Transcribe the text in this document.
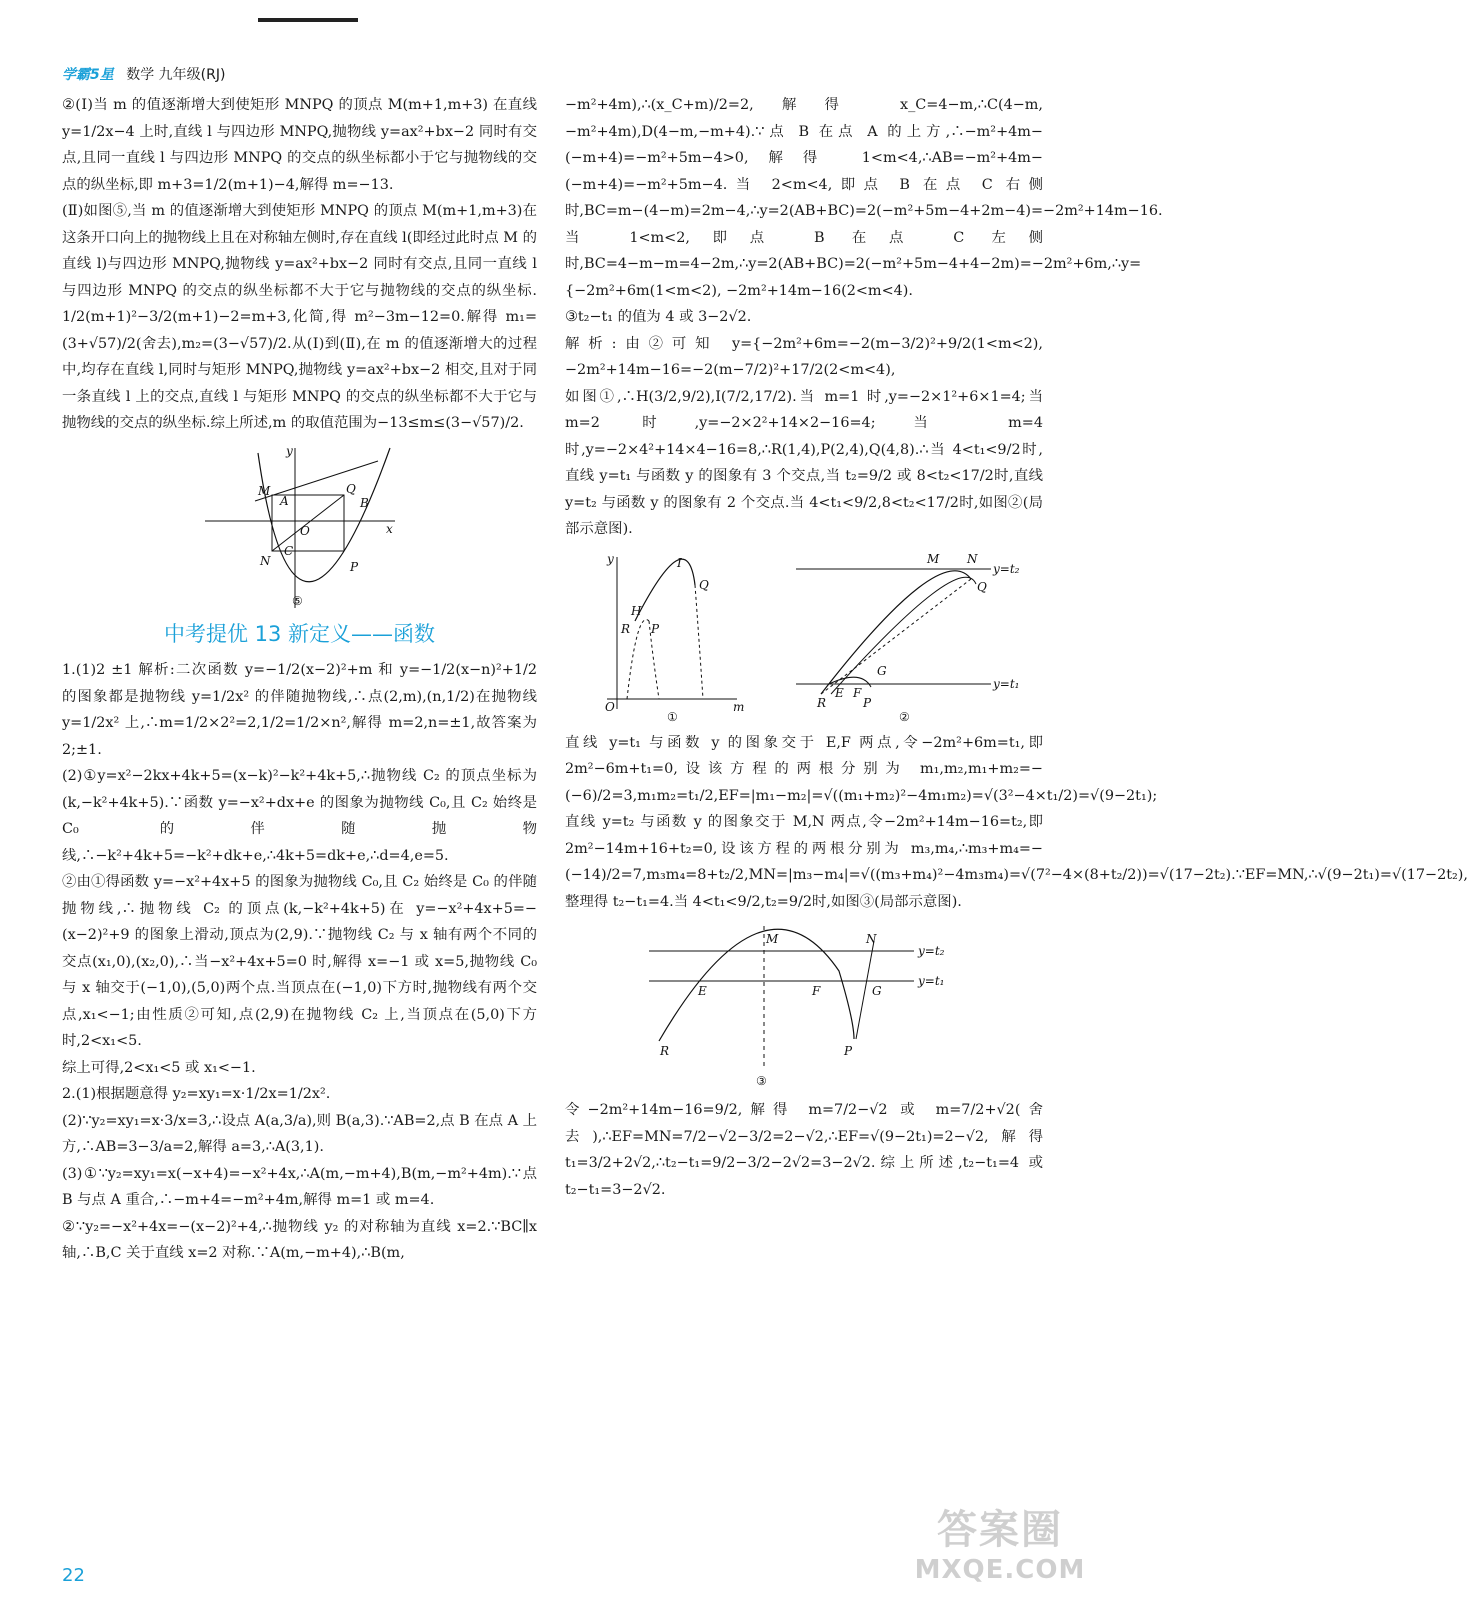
学霸5星 数学 九年级(RJ)

②(Ⅰ)当 m 的值逐渐增大到使矩形 MNPQ 的顶点 M(m+1,m+3) 在直线 y=1/2x−4 上时,直线 l 与四边形 MNPQ,抛物线 y=ax²+bx−2 同时有交点,且同一直线 l 与四边形 MNPQ 的交点的纵坐标都小于它与抛物线的交点的纵坐标,即 m+3=1/2(m+1)−4,解得 m=−13.

(Ⅱ)如图⑤,当 m 的值逐渐增大到使矩形 MNPQ 的顶点 M(m+1,m+3)在这条开口向上的抛物线上且在对称轴左侧时,存在直线 l(即经过此时点 M 的直线 l)与四边形 MNPQ,抛物线 y=ax²+bx−2 同时有交点,且同一直线 l 与四边形 MNPQ 的交点的纵坐标都不大于它与抛物线的交点的纵坐标. 1/2(m+1)²−3/2(m+1)−2=m+3,化简,得 m²−3m−12=0.解得 m₁=(3+√57)/2(舍去),m₂=(3−√57)/2.从(Ⅰ)到(Ⅱ),在 m 的值逐渐增大的过程中,均存在直线 l,同时与矩形 MNPQ,抛物线 y=ax²+bx−2 相交,且对于同一条直线 l 上的交点,直线 l 与矩形 MNPQ 的交点的纵坐标都不大于它与抛物线的交点的纵坐标.综上所述,m 的取值范围为−13≤m≤(3−√57)/2.

y
x
M
A
O
Q
B
N
C
P
⑤
中考提优 13 新定义——函数

1.(1)2 ±1 解析:二次函数 y=−1/2(x−2)²+m 和 y=−1/2(x−n)²+1/2 的图象都是抛物线 y=1/2x² 的伴随抛物线,∴点(2,m),(n,1/2)在抛物线 y=1/2x² 上,∴m=1/2×2²=2,1/2=1/2×n²,解得 m=2,n=±1,故答案为 2;±1.

(2)①y=x²−2kx+4k+5=(x−k)²−k²+4k+5,∴抛物线 C₂ 的顶点坐标为(k,−k²+4k+5).∵函数 y=−x²+dx+e 的图象为抛物线 C₀,且 C₂ 始终是 C₀ 的伴随抛物线,∴−k²+4k+5=−k²+dk+e,∴4k+5=dk+e,∴d=4,e=5.

②由①得函数 y=−x²+4x+5 的图象为抛物线 C₀,且 C₂ 始终是 C₀ 的伴随抛物线,∴抛物线 C₂ 的顶点(k,−k²+4k+5)在 y=−x²+4x+5=−(x−2)²+9 的图象上滑动,顶点为(2,9).∵抛物线 C₂ 与 x 轴有两个不同的交点(x₁,0),(x₂,0),∴当−x²+4x+5=0 时,解得 x=−1 或 x=5,抛物线 C₀ 与 x 轴交于(−1,0),(5,0)两个点.当顶点在(−1,0)下方时,抛物线有两个交点,x₁<−1;由性质②可知,点(2,9)在抛物线 C₂ 上,当顶点在(5,0)下方时,2<x₁<5.

综上可得,2<x₁<5 或 x₁<−1.

2.(1)根据题意得 y₂=xy₁=x·1/2x=1/2x².

(2)∵y₂=xy₁=x·3/x=3,∴设点 A(a,3/a),则 B(a,3).∵AB=2,点 B 在点 A 上方,∴AB=3−3/a=2,解得 a=3,∴A(3,1).

(3)①∵y₂=xy₁=x(−x+4)=−x²+4x,∴A(m,−m+4),B(m,−m²+4m).∵点 B 与点 A 重合,∴−m+4=−m²+4m,解得 m=1 或 m=4.

②∵y₂=−x²+4x=−(x−2)²+4,∴抛物线 y₂ 的对称轴为直线 x=2.∵BC∥x 轴,∴B,C 关于直线 x=2 对称.∵A(m,−m+4),∴B(m,

−m²+4m),∴(x_C+m)/2=2,解得 x_C=4−m,∴C(4−m,−m²+4m),D(4−m,−m+4).∵点 B 在点 A 的上方,∴−m²+4m−(−m+4)=−m²+5m−4>0,解得 1<m<4,∴AB=−m²+4m−(−m+4)=−m²+5m−4.当 2<m<4,即点 B 在点 C 右侧时,BC=m−(4−m)=2m−4,∴y=2(AB+BC)=2(−m²+5m−4+2m−4)=−2m²+14m−16.当 1<m<2,即点 B 在点 C 左侧时,BC=4−m−m=4−2m,∴y=2(AB+BC)=2(−m²+5m−4+4−2m)=−2m²+6m,∴y={−2m²+6m(1<m<2), −2m²+14m−16(2<m<4).

③t₂−t₁ 的值为 4 或 3−2√2.

解析:由②可知 y={−2m²+6m=−2(m−3/2)²+9/2(1<m<2), −2m²+14m−16=−2(m−7/2)²+17/2(2<m<4),

如图①,∴H(3/2,9/2),I(7/2,17/2).当 m=1 时,y=−2×1²+6×1=4;当 m=2 时,y=−2×2²+14×2−16=4;当 m=4 时,y=−2×4²+14×4−16=8,∴R(1,4),P(2,4),Q(4,8).∴当 4<t₁<9/2时,直线 y=t₁ 与函数 y 的图象有 3 个交点,当 t₂=9/2 或 8<t₂<17/2时,直线 y=t₂ 与函数 y 的图象有 2 个交点.当 4<t₁<9/2,8<t₂<17/2时,如图②(局部示意图).

y	I
Q
H
R P
O	m
①
M N
y=t₂
Q
y=t₁
R
E F
G
P
②

直线 y=t₁ 与函数 y 的图象交于 E,F 两点,令−2m²+6m=t₁,即 2m²−6m+t₁=0,设该方程的两根分别为 m₁,m₂,m₁+m₂=−(−6)/2=3,m₁m₂=t₁/2,EF=|m₁−m₂|=√((m₁+m₂)²−4m₁m₂)=√(3²−4×t₁/2)=√(9−2t₁);直线 y=t₂ 与函数 y 的图象交于 M,N 两点,令−2m²+14m−16=t₂,即 2m²−14m+16+t₂=0,设该方程的两根分别为 m₃,m₄,∴m₃+m₄=−(−14)/2=7,m₃m₄=8+t₂/2,MN=|m₃−m₄|=√((m₃+m₄)²−4m₃m₄)=√(7²−4×(8+t₂/2))=√(17−2t₂).∵EF=MN,∴√(9−2t₁)=√(17−2t₂),整理得 t₂−t₁=4.当 4<t₁<9/2,t₂=9/2时,如图③(局部示意图).

M	N
y=t₂
y=t₁
E	F	G
R	P
③

令−2m²+14m−16=9/2,解得 m=7/2−√2 或 m=7/2+√2(舍去),∴EF=MN=7/2−√2−3/2=2−√2,∴EF=√(9−2t₁)=2−√2,解得 t₁=3/2+2√2,∴t₂−t₁=9/2−3/2−2√2=3−2√2.综上所述,t₂−t₁=4 或 t₂−t₁=3−2√2.

22
答案圈
MXQE.COM
